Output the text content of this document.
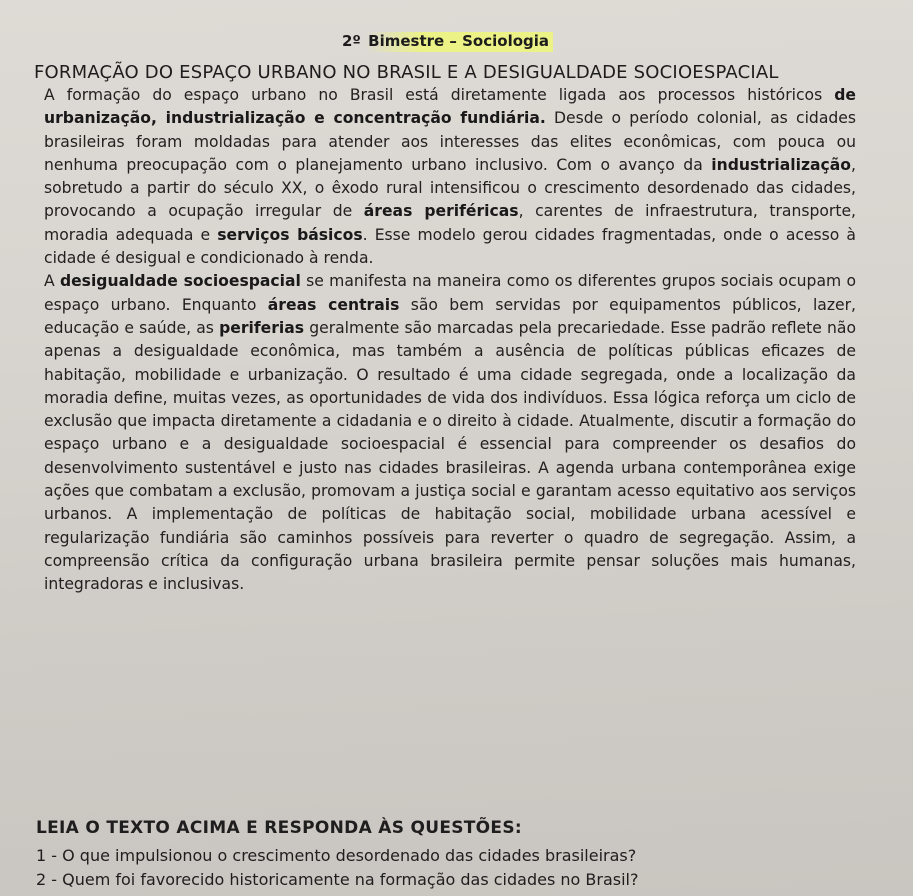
2º Bimestre – Sociologia
FORMAÇÃO DO ESPAÇO URBANO NO BRASIL E A DESIGUALDADE SOCIOESPACIAL

A formação do espaço urbano no Brasil está diretamente ligada aos processos históricos de urbanização, industrialização e concentração fundiária. Desde o período colonial, as cidades brasileiras foram moldadas para atender aos interesses das elites econômicas, com pouca ou nenhuma preocupação com o planejamento urbano inclusivo. Com o avanço da industrialização, sobretudo a partir do século XX, o êxodo rural intensificou o crescimento desordenado das cidades, provocando a ocupação irregular de áreas periféricas, carentes de infraestrutura, transporte, moradia adequada e serviços básicos. Esse modelo gerou cidades fragmentadas, onde o acesso à cidade é desigual e condicionado à renda.

A desigualdade socioespacial se manifesta na maneira como os diferentes grupos sociais ocupam o espaço urbano. Enquanto áreas centrais são bem servidas por equipamentos públicos, lazer, educação e saúde, as periferias geralmente são marcadas pela precariedade. Esse padrão reflete não apenas a desigualdade econômica, mas também a ausência de políticas públicas eficazes de habitação, mobilidade e urbanização. O resultado é uma cidade segregada, onde a localização da moradia define, muitas vezes, as oportunidades de vida dos indivíduos. Essa lógica reforça um ciclo de exclusão que impacta diretamente a cidadania e o direito à cidade. Atualmente, discutir a formação do espaço urbano e a desigualdade socioespacial é essencial para compreender os desafios do desenvolvimento sustentável e justo nas cidades brasileiras. A agenda urbana contemporânea exige ações que combatam a exclusão, promovam a justiça social e garantam acesso equitativo aos serviços urbanos. A implementação de políticas de habitação social, mobilidade urbana acessível e regularização fundiária são caminhos possíveis para reverter o quadro de segregação. Assim, a compreensão crítica da configuração urbana brasileira permite pensar soluções mais humanas, integradoras e inclusivas.

LEIA O TEXTO ACIMA E RESPONDA ÀS QUESTÕES:
1 - O que impulsionou o crescimento desordenado das cidades brasileiras?
2 - Quem foi favorecido historicamente na formação das cidades no Brasil?
